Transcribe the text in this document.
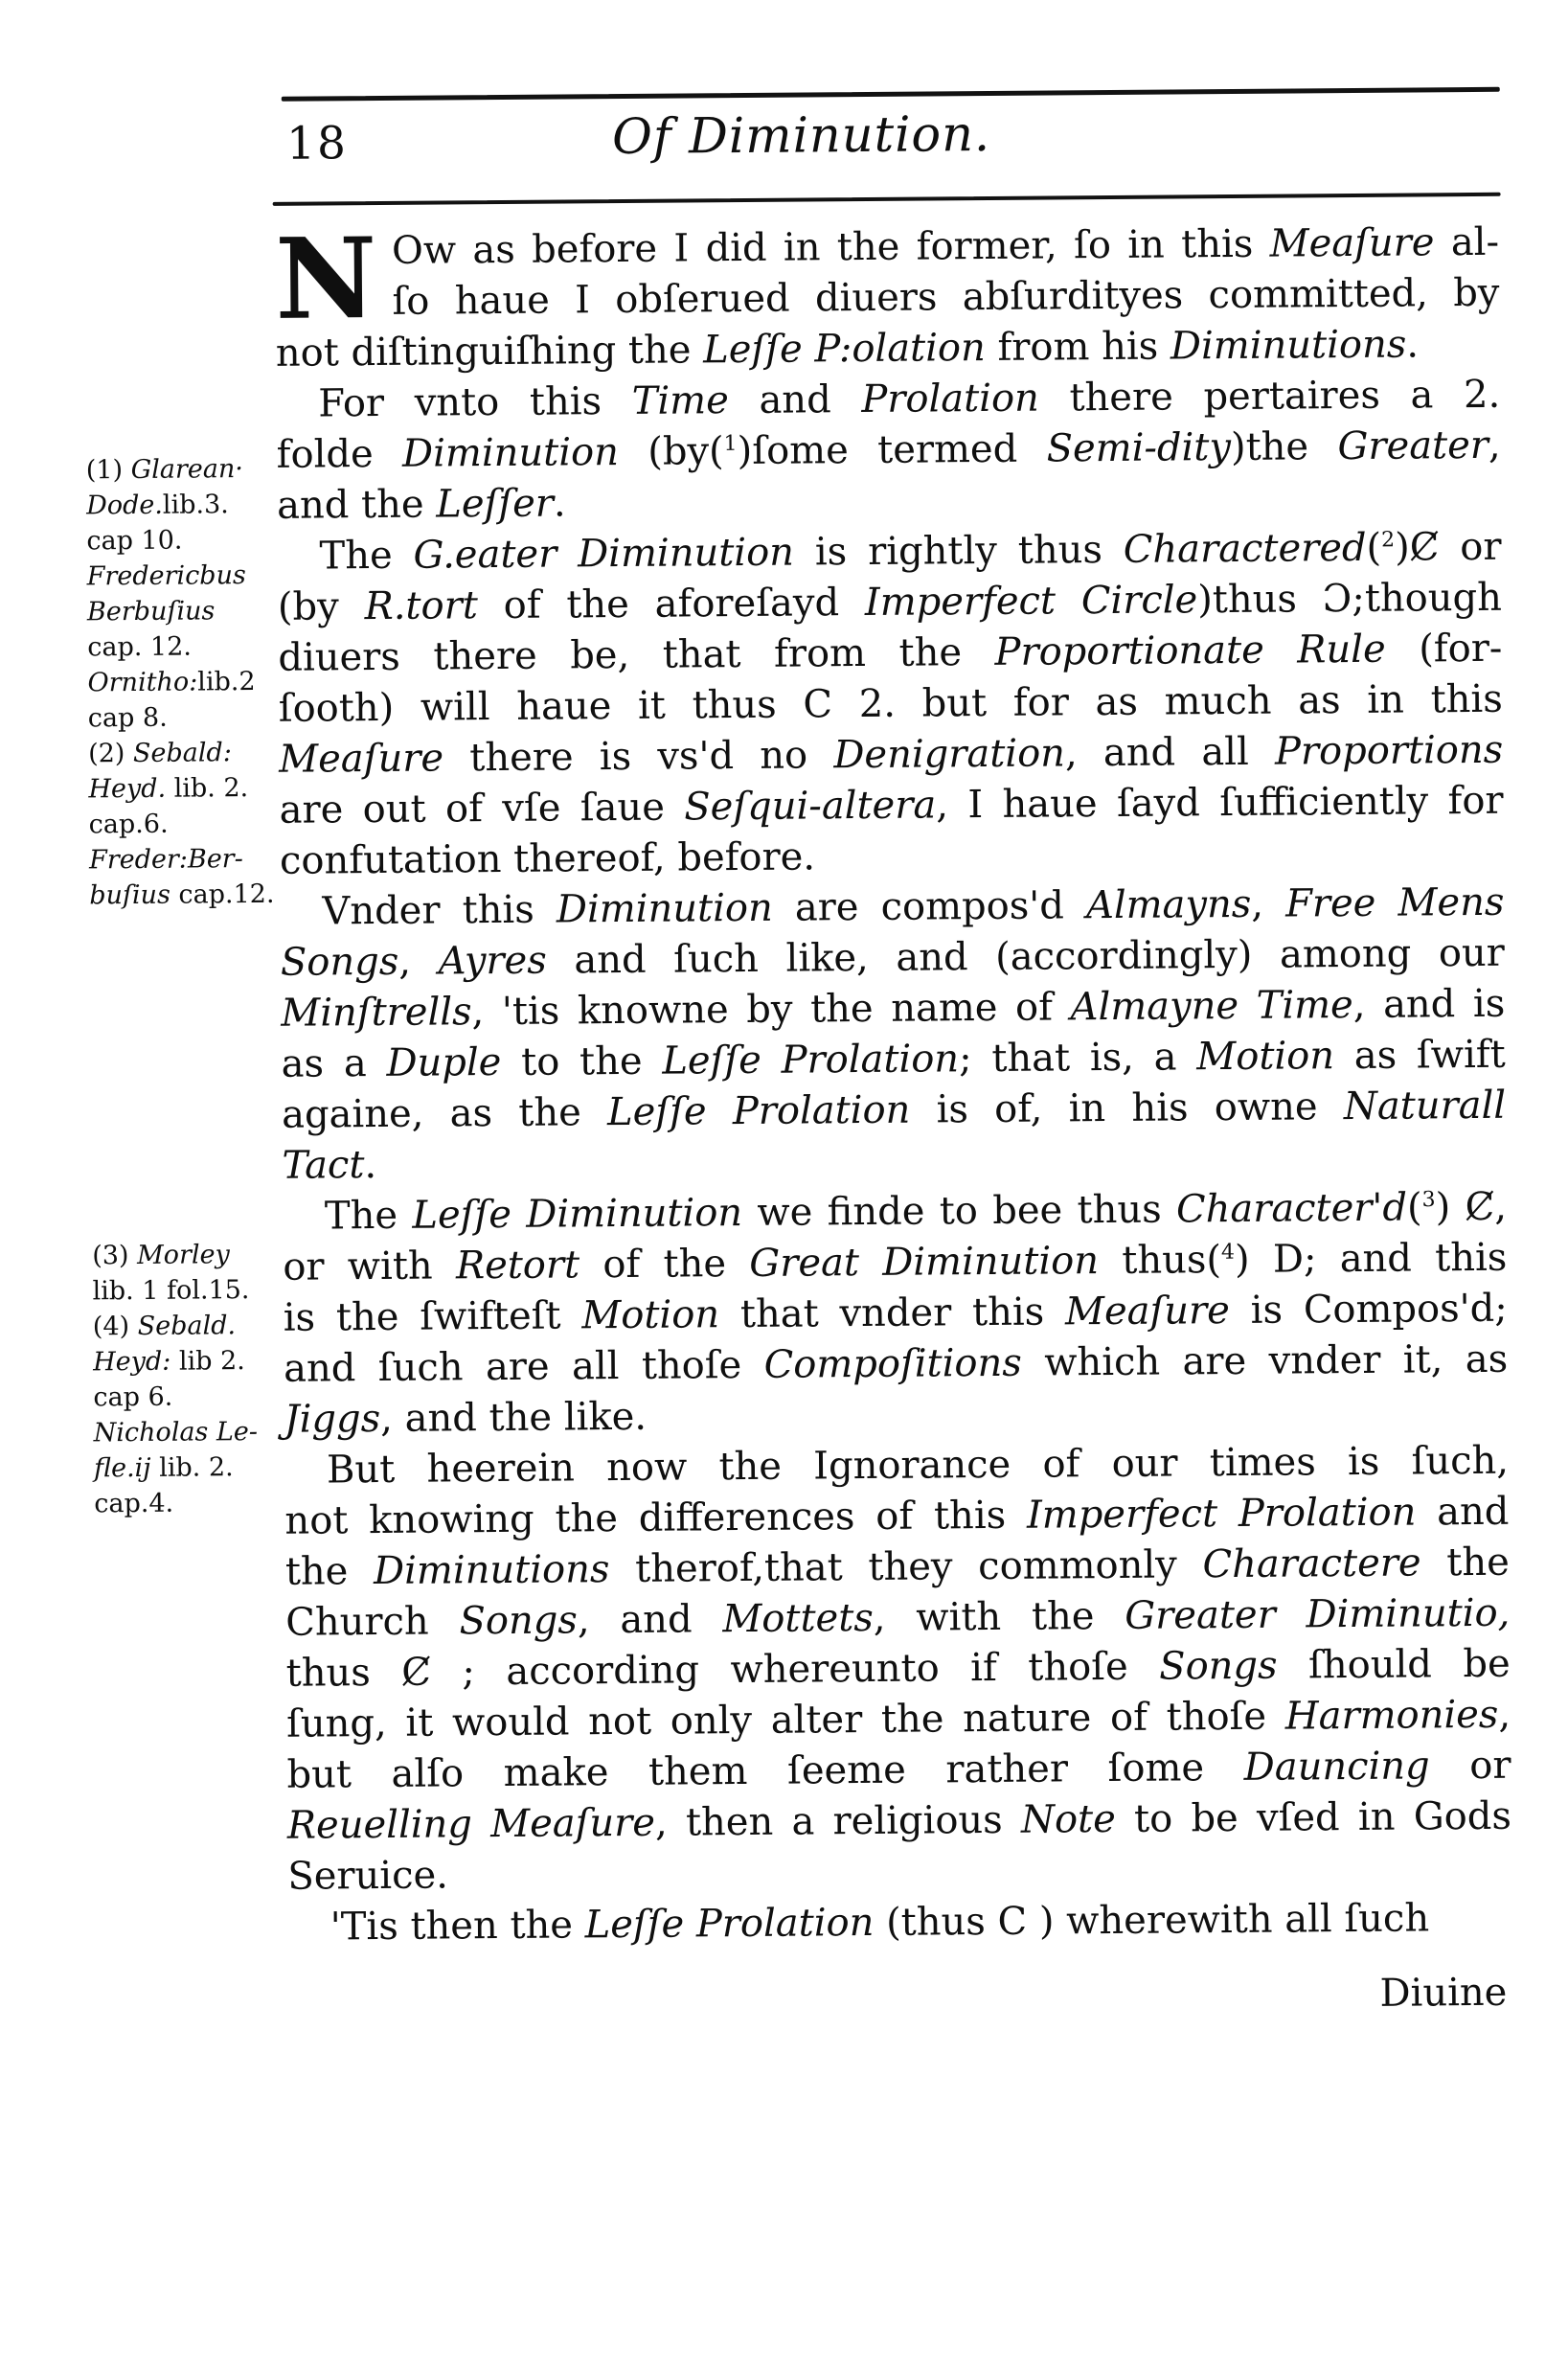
18	Of Diminution.
(1) Glarean·
Dode.lib.3.
cap 10.
Fredericbus
Berbuſius
cap. 12.
Ornitho:lib.2
cap 8.
(2) Sebald:
Heyd. lib. 2.
cap.6.
Freder:Ber-
buſius cap.12.
(3) Morley
lib. 1 fol.15.
(4) Sebald.
Heyd: lib 2.
cap 6.
Nicholas Le-
fle.ij lib. 2.
cap.4.
N Ow as before I did in the former, ſo in this Meaſure al-
ſo haue I obſerued diuers abſurdityes committed, by
not diſtinguiſhing the Leſſe P:olation from his Diminutions.
For vnto this Time and Prolation there pertaires a 2.
folde Diminution (by($^1$)ſome termed Semi-dity)the Greater,
and the Leſſer.
The G.eater Diminution is rightly thus Charactered($^2$)Ȼ or
(by R.tort of the aforeſayd Imperfect Circle)thus Ɔ;though
diuers there be, that from the Proportionate Rule (for-
ſooth) will haue it thus C 2. but for as much as in this
Meaſure there is vs'd no Denigration, and all Proportions
are out of vſe ſaue Seſqui-altera, I haue ſayd ſufficiently for
confutation thereof, before.
Vnder this Diminution are compos'd Almayns, Free Mens
Songs, Ayres and ſuch like, and (accordingly) among our
Minſtrells, 'tis knowne by the name of Almayne Time, and is
as a Duple to the Leſſe Prolation; that is, a Motion as ſwift
againe, as the Leſſe Prolation is of, in his owne Naturall
Tact.
The Leſſe Diminution we finde to bee thus Character'd($^3$) Ȼ,
or with Retort of the Great Diminution thus($^4$) D; and this
is the ſwifteſt Motion that vnder this Meaſure is Compos'd;
and ſuch are all thoſe Compoſitions which are vnder it, as
Jiggs, and the like.
But heerein now the Ignorance of our times is ſuch,
not knowing the differences of this Imperfect Prolation and
the Diminutions therof,that they commonly Charactere the
Church Songs, and Mottets, with the Greater Diminutio,
thus Ȼ ; according whereunto if thoſe Songs ſhould be
ſung, it would not only alter the nature of thoſe Harmonies,
but alſo make them ſeeme rather ſome Dauncing or
Reuelling Meaſure, then a religious Note to be vſed in Gods
Seruice.
'Tis then the Leſſe Prolation (thus C ) wherewith all ſuch
Diuine
